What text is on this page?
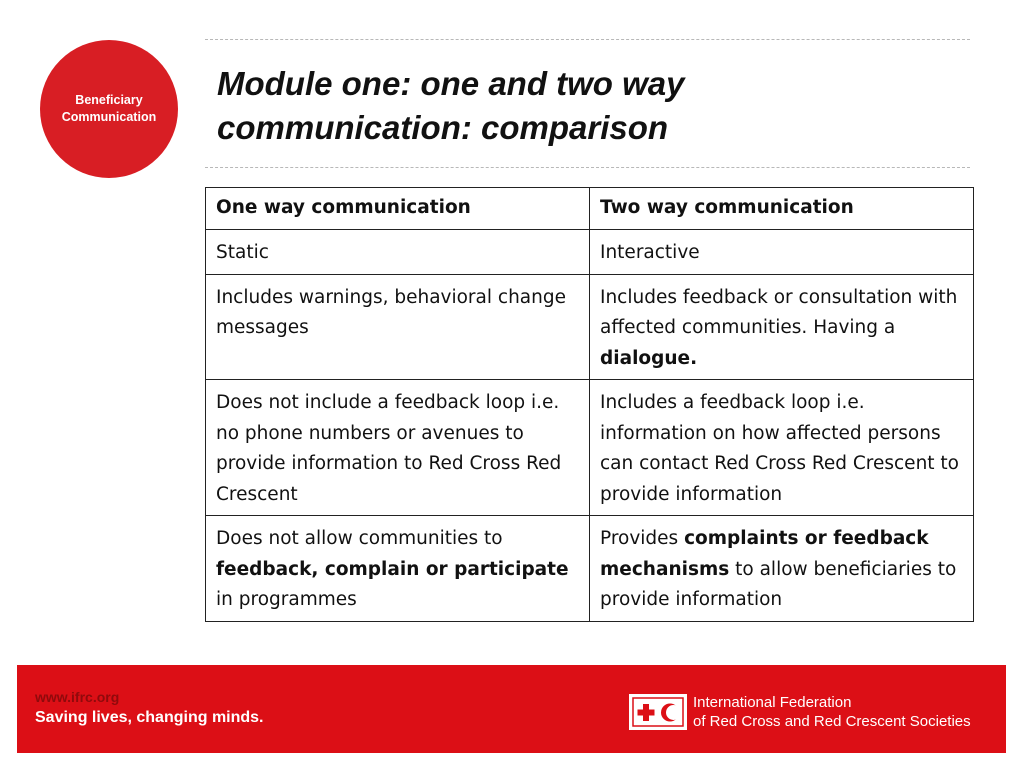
Beneficiary
Communication
Module one: one and two way
communication: comparison
One way communication	Two way communication
Static	Interactive
Includes warnings, behavioral change messages	Includes feedback or consultation with affected communities. Having a dialogue.
Does not include a feedback loop i.e. no phone numbers or avenues to provide information to Red Cross Red Crescent	Includes a feedback loop i.e. information on how affected persons can contact Red Cross Red Crescent to provide information
Does not allow communities to feedback, complain or participate in programmes	Provides complaints or feedback mechanisms to allow beneficiaries to provide information
www.ifrc.org
Saving lives, changing minds.
International Federation
of Red Cross and Red Crescent Societies
